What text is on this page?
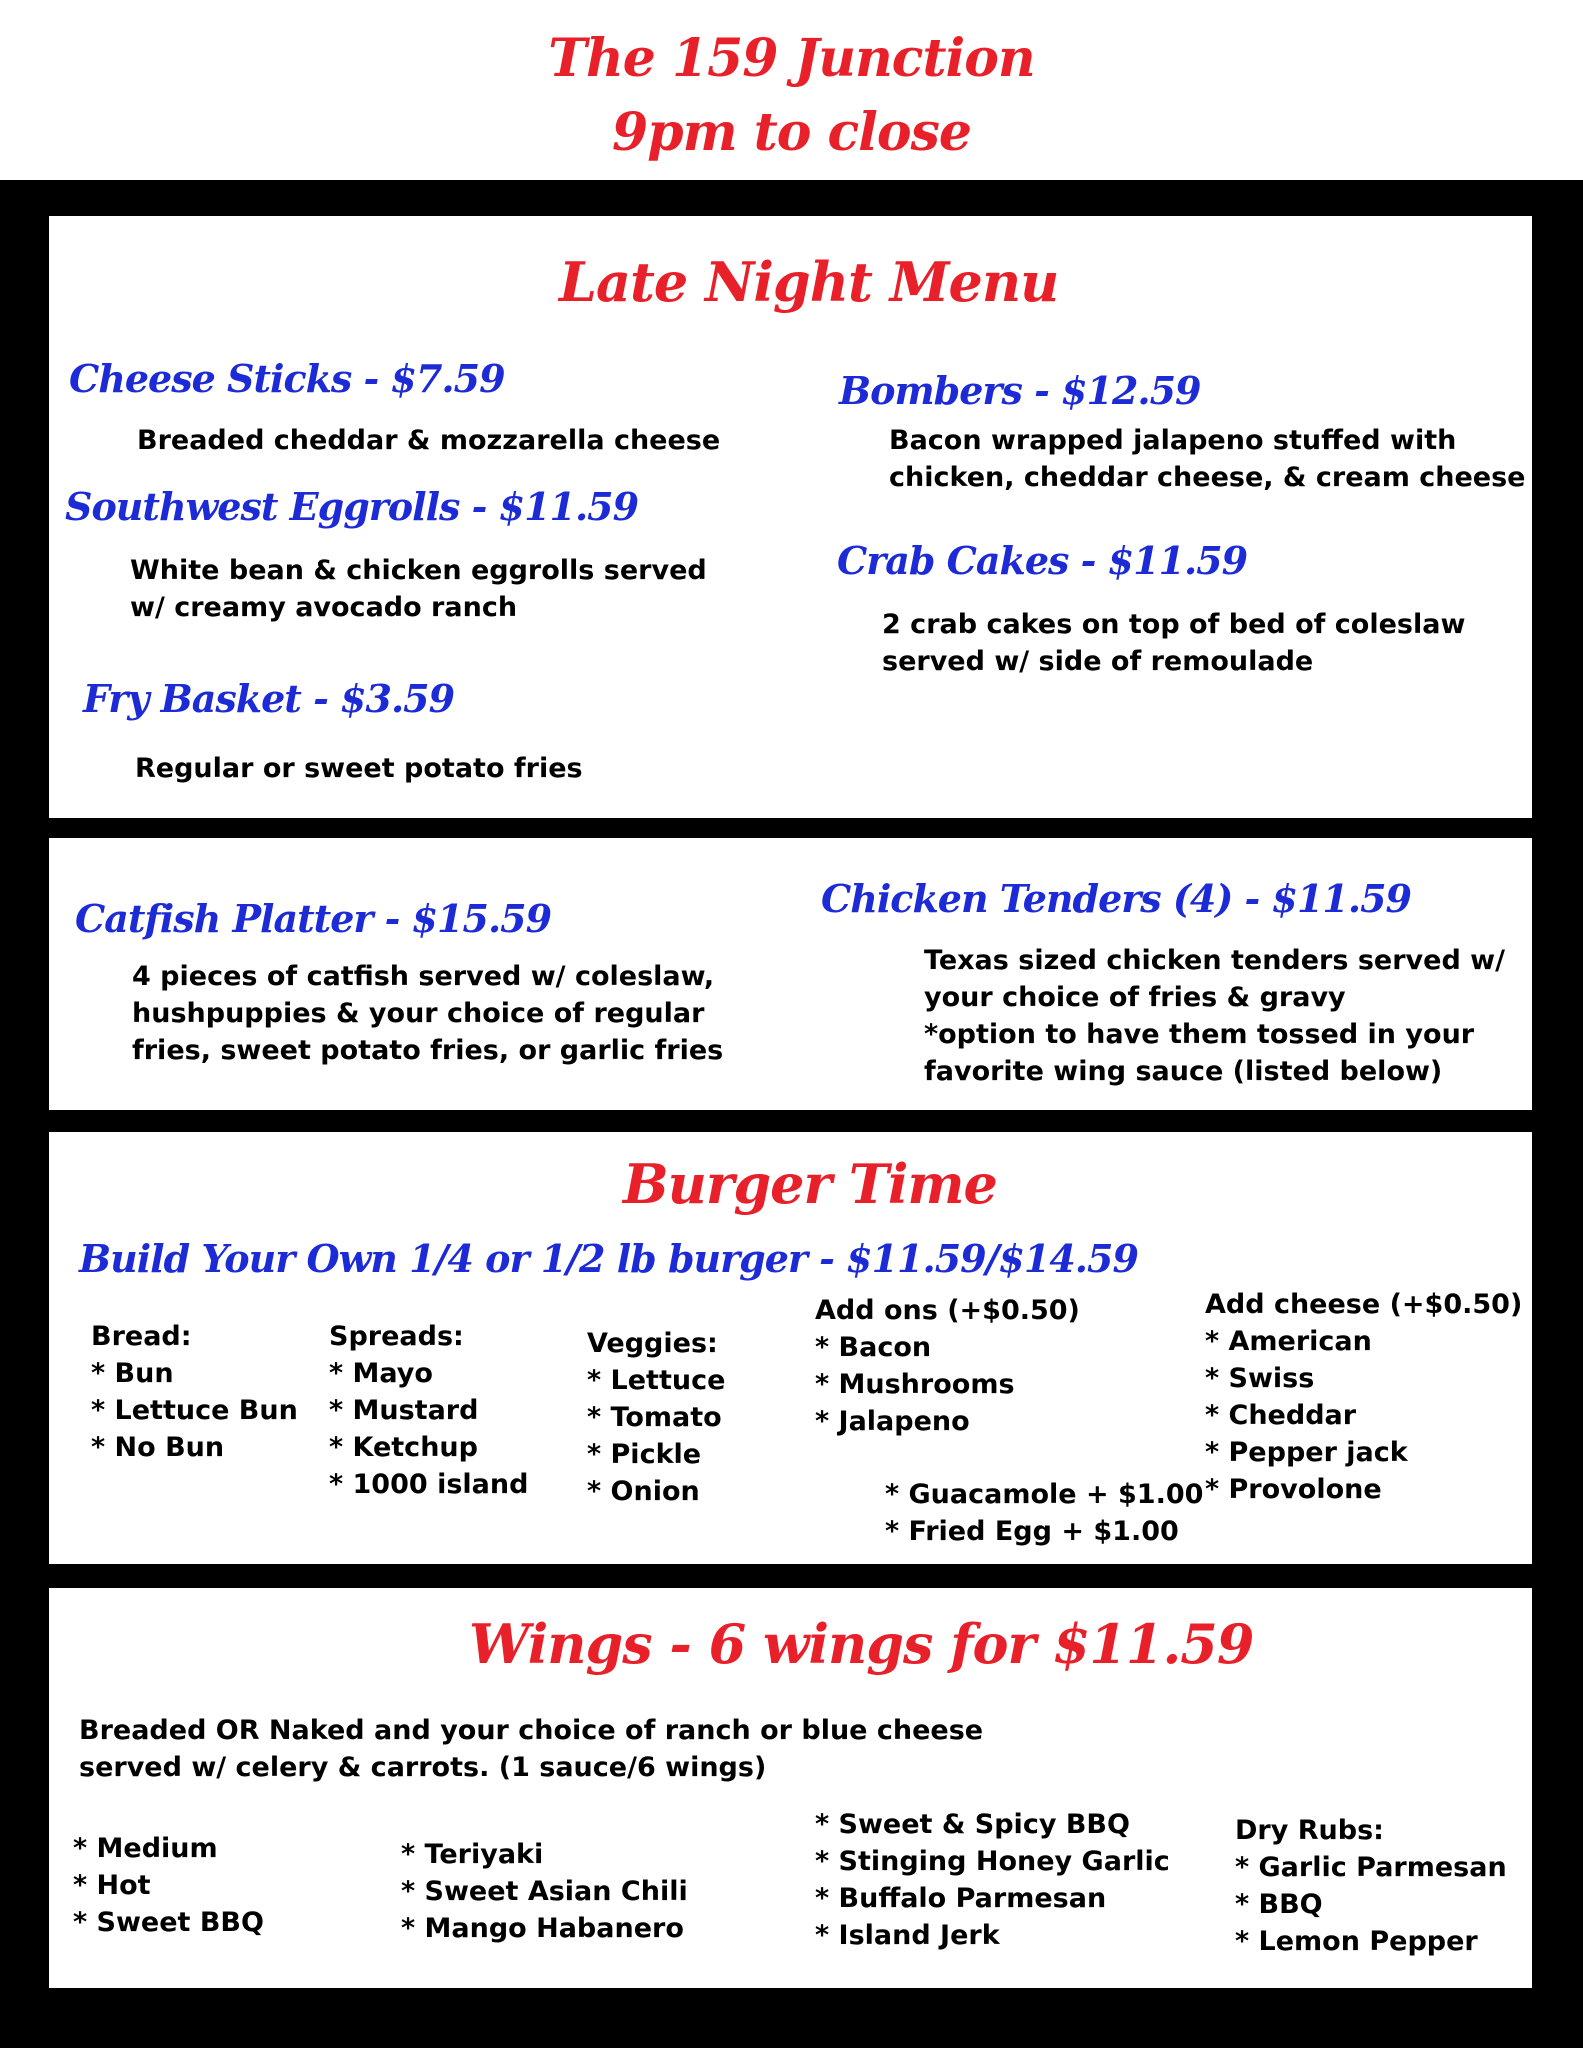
The 159 Junction
9pm to close
Late Night Menu
Cheese Sticks - $7.59
Breaded cheddar & mozzarella cheese
Southwest Eggrolls - $11.59
White bean & chicken eggrolls served
w/ creamy avocado ranch
Fry Basket - $3.59
Regular or sweet potato fries
Bombers - $12.59
Bacon wrapped jalapeno stuffed with
chicken, cheddar cheese, & cream cheese
Crab Cakes - $11.59
2 crab cakes on top of bed of coleslaw
served w/ side of remoulade
Catfish Platter - $15.59
4 pieces of catfish served w/ coleslaw,
hushpuppies & your choice of regular
fries, sweet potato fries, or garlic fries
Chicken Tenders (4) - $11.59
Texas sized chicken tenders served w/
your choice of fries & gravy
*option to have them tossed in your
favorite wing sauce (listed below)
Burger Time
Build Your Own 1/4 or 1/2 lb burger - $11.59/$14.59
Bread:
* Bun
* Lettuce Bun
* No Bun
Spreads:
* Mayo
* Mustard
* Ketchup
* 1000 island
Veggies:
* Lettuce
* Tomato
* Pickle
* Onion
Add ons (+$0.50)
* Bacon
* Mushrooms
* Jalapeno
* Guacamole + $1.00
* Fried Egg + $1.00
Add cheese (+$0.50)
* American
* Swiss
* Cheddar
* Pepper jack
* Provolone
Wings - 6 wings for $11.59
Breaded OR Naked and your choice of ranch or blue cheese
served w/ celery & carrots. (1 sauce/6 wings)
* Medium
* Hot
* Sweet BBQ
* Teriyaki
* Sweet Asian Chili
* Mango Habanero
* Sweet & Spicy BBQ
* Stinging Honey Garlic
* Buffalo Parmesan
* Island Jerk
Dry Rubs:
* Garlic Parmesan
* BBQ
* Lemon Pepper
